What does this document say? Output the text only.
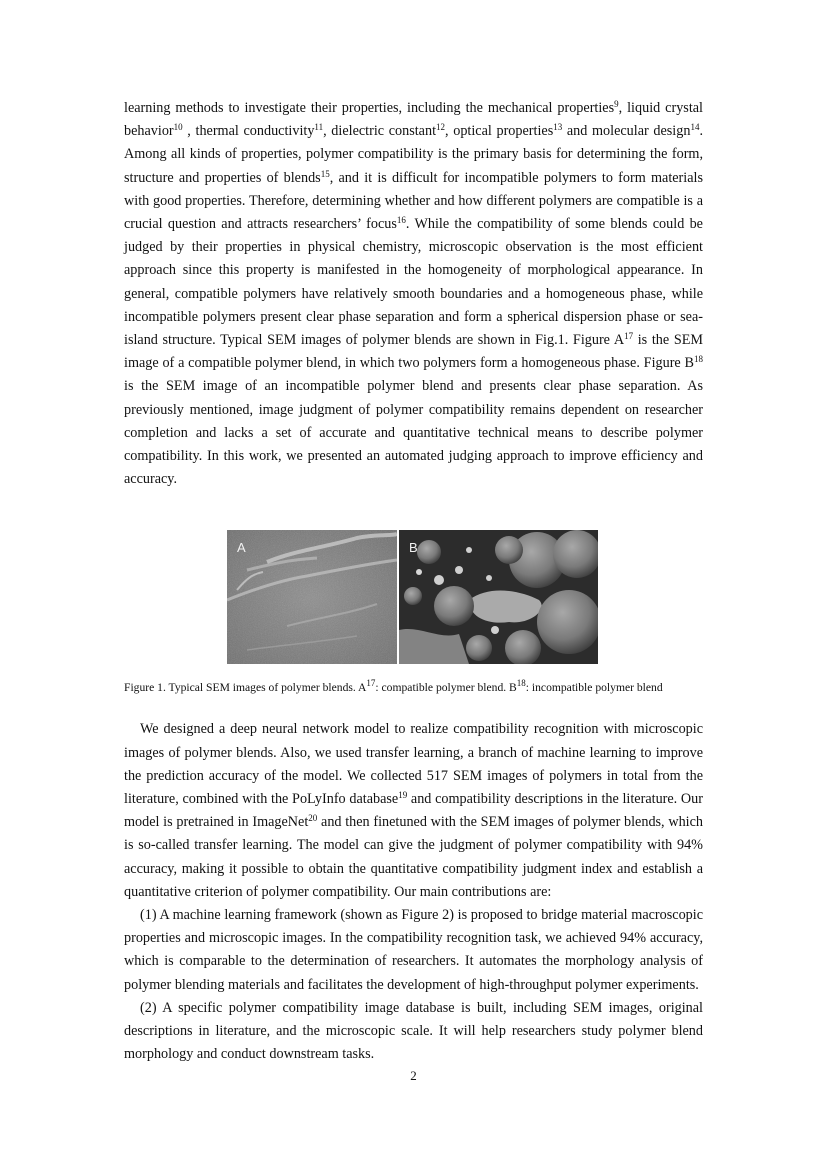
learning methods to investigate their properties, including the mechanical properties$^9$, liquid crystal behavior$^{10}$ , thermal conductivity$^{11}$, dielectric constant$^{12}$, optical properties$^{13}$ and molecular design$^{14}$. Among all kinds of properties, polymer compatibility is the primary basis for determining the form, structure and properties of blends$^{15}$, and it is difficult for incompatible polymers to form materials with good properties. Therefore, determining whether and how different polymers are compatible is a crucial question and attracts researchers’ focus$^{16}$. While the compatibility of some blends could be judged by their properties in physical chemistry, microscopic observation is the most efficient approach since this property is manifested in the homogeneity of morphological appearance. In general, compatible polymers have relatively smooth boundaries and a homogeneous phase, while incompatible polymers present clear phase separation and form a spherical dispersion phase or sea-island structure. Typical SEM images of polymer blends are shown in Fig.1. Figure $A^{17}$ is the SEM image of a compatible polymer blend, in which two polymers form a homogeneous phase. Figure $B^{18}$ is the SEM image of an incompatible polymer blend and presents clear phase separation. As previously mentioned, image judgment of polymer compatibility remains dependent on researcher completion and lacks a set of accurate and quantitative technical means to describe polymer compatibility. In this work, we presented an automated judging approach to improve efficiency and accuracy.

A	B

Figure 1. Typical SEM images of polymer blends. $A^{17}$: compatible polymer blend. $B^{18}$: incompatible polymer blend

We designed a deep neural network model to realize compatibility recognition with microscopic images of polymer blends. Also, we used transfer learning, a branch of machine learning to improve the prediction accuracy of the model. We collected 517 SEM images of polymers in total from the literature, combined with the PoLyInfo database$^{19}$ and compatibility descriptions in the literature. Our model is pretrained in ImageNet$^{20}$ and then finetuned with the SEM images of polymer blends, which is so-called transfer learning. The model can give the judgment of polymer compatibility with 94% accuracy, making it possible to obtain the quantitative compatibility judgment index and establish a quantitative criterion of polymer compatibility. Our main contributions are:

(1) A machine learning framework (shown as Figure 2) is proposed to bridge material macroscopic properties and microscopic images. In the compatibility recognition task, we achieved 94% accuracy, which is comparable to the determination of researchers. It automates the morphology analysis of polymer blending materials and facilitates the development of high-throughput polymer experiments.

(2) A specific polymer compatibility image database is built, including SEM images, original descriptions in literature, and the microscopic scale. It will help researchers study polymer blend morphology and conduct downstream tasks.

2
